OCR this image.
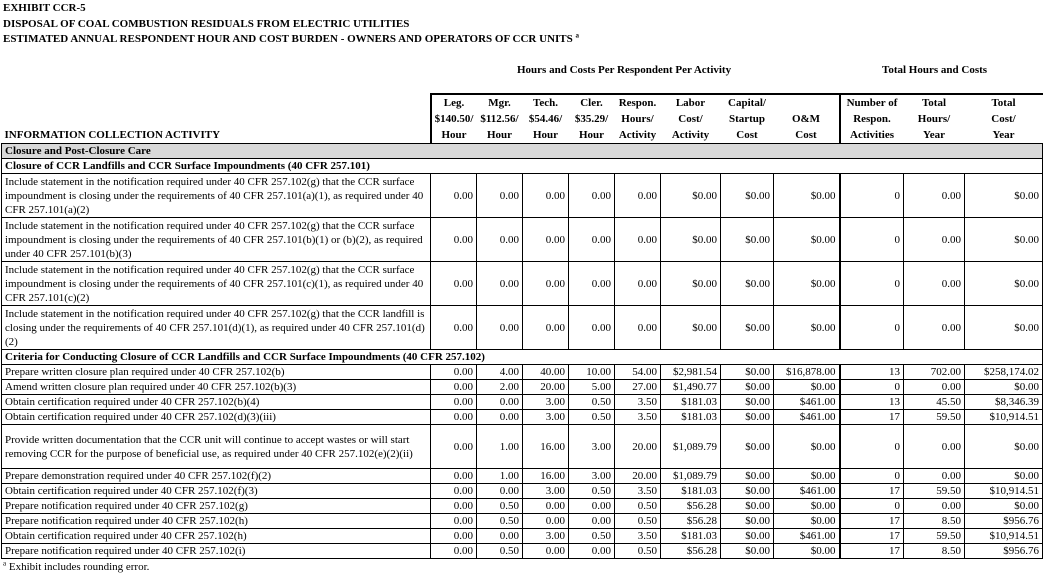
EXHIBIT CCR-5
DISPOSAL OF COAL COMBUSTION RESIDUALS FROM ELECTRIC UTILITIES
ESTIMATED ANNUAL RESPONDENT HOUR AND COST BURDEN - OWNERS AND OPERATORS OF CCR UNITS $^a$
Hours and Costs Per Respondent Per Activity	Total Hours and Costs
	Leg.	Mgr.	Tech.	Cler.	Respon.	Labor	Capital/		Number of	Total	Total
	$140.50/	$112.56/	$54.46/	$35.29/	Hours/	Cost/	Startup	O&M	Respon.	Hours/	Cost/
INFORMATION COLLECTION ACTIVITY	Hour	Hour	Hour	Hour	Activity	Activity	Cost	Cost	Activities	Year	Year
Closure and Post-Closure Care											
Closure of CCR Landfills and CCR Surface Impoundments (40 CFR 257.101)											
Include statement in the notification required under 40 CFR 257.102(g) that the CCR surface impoundment is closing under the requirements of 40 CFR 257.101(a)(1), as required under 40 CFR 257.101(a)(2)	0.00	0.00	0.00	0.00	0.00	$0.00	$0.00	$0.00	0	0.00	$0.00
Include statement in the notification required under 40 CFR 257.102(g) that the CCR surface impoundment is closing under the requirements of 40 CFR 257.101(b)(1) or (b)(2), as required under 40 CFR 257.101(b)(3)	0.00	0.00	0.00	0.00	0.00	$0.00	$0.00	$0.00	0	0.00	$0.00
Include statement in the notification required under 40 CFR 257.102(g) that the CCR surface impoundment is closing under the requirements of 40 CFR 257.101(c)(1), as required under 40 CFR 257.101(c)(2)	0.00	0.00	0.00	0.00	0.00	$0.00	$0.00	$0.00	0	0.00	$0.00
Include statement in the notification required under 40 CFR 257.102(g) that the CCR landfill is closing under the requirements of 40 CFR 257.101(d)(1), as required under 40 CFR 257.101(d)(2)	0.00	0.00	0.00	0.00	0.00	$0.00	$0.00	$0.00	0	0.00	$0.00
Criteria for Conducting Closure of CCR Landfills and CCR Surface Impoundments (40 CFR 257.102)											
Prepare written closure plan required under 40 CFR 257.102(b)	0.00	4.00	40.00	10.00	54.00	$2,981.54	$0.00	$16,878.00	13	702.00	$258,174.02
Amend written closure plan required under 40 CFR 257.102(b)(3)	0.00	2.00	20.00	5.00	27.00	$1,490.77	$0.00	$0.00	0	0.00	$0.00
Obtain certification required under 40 CFR 257.102(b)(4)	0.00	0.00	3.00	0.50	3.50	$181.03	$0.00	$461.00	13	45.50	$8,346.39
Obtain certification required under 40 CFR 257.102(d)(3)(iii)	0.00	0.00	3.00	0.50	3.50	$181.03	$0.00	$461.00	17	59.50	$10,914.51
Provide written documentation that the CCR unit will continue to accept wastes or will start removing CCR for the purpose of beneficial use, as required under 40 CFR 257.102(e)(2)(ii)	0.00	1.00	16.00	3.00	20.00	$1,089.79	$0.00	$0.00	0	0.00	$0.00
Prepare demonstration required under 40 CFR 257.102(f)(2)	0.00	1.00	16.00	3.00	20.00	$1,089.79	$0.00	$0.00	0	0.00	$0.00
Obtain certification required under 40 CFR 257.102(f)(3)	0.00	0.00	3.00	0.50	3.50	$181.03	$0.00	$461.00	17	59.50	$10,914.51
Prepare notification required under 40 CFR 257.102(g)	0.00	0.50	0.00	0.00	0.50	$56.28	$0.00	$0.00	0	0.00	$0.00
Prepare notification required under 40 CFR 257.102(h)	0.00	0.50	0.00	0.00	0.50	$56.28	$0.00	$0.00	17	8.50	$956.76
Obtain certification required under 40 CFR 257.102(h)	0.00	0.00	3.00	0.50	3.50	$181.03	$0.00	$461.00	17	59.50	$10,914.51
Prepare notification required under 40 CFR 257.102(i)	0.00	0.50	0.00	0.00	0.50	$56.28	$0.00	$0.00	17	8.50	$956.76
$^a$ Exhibit includes rounding error.
